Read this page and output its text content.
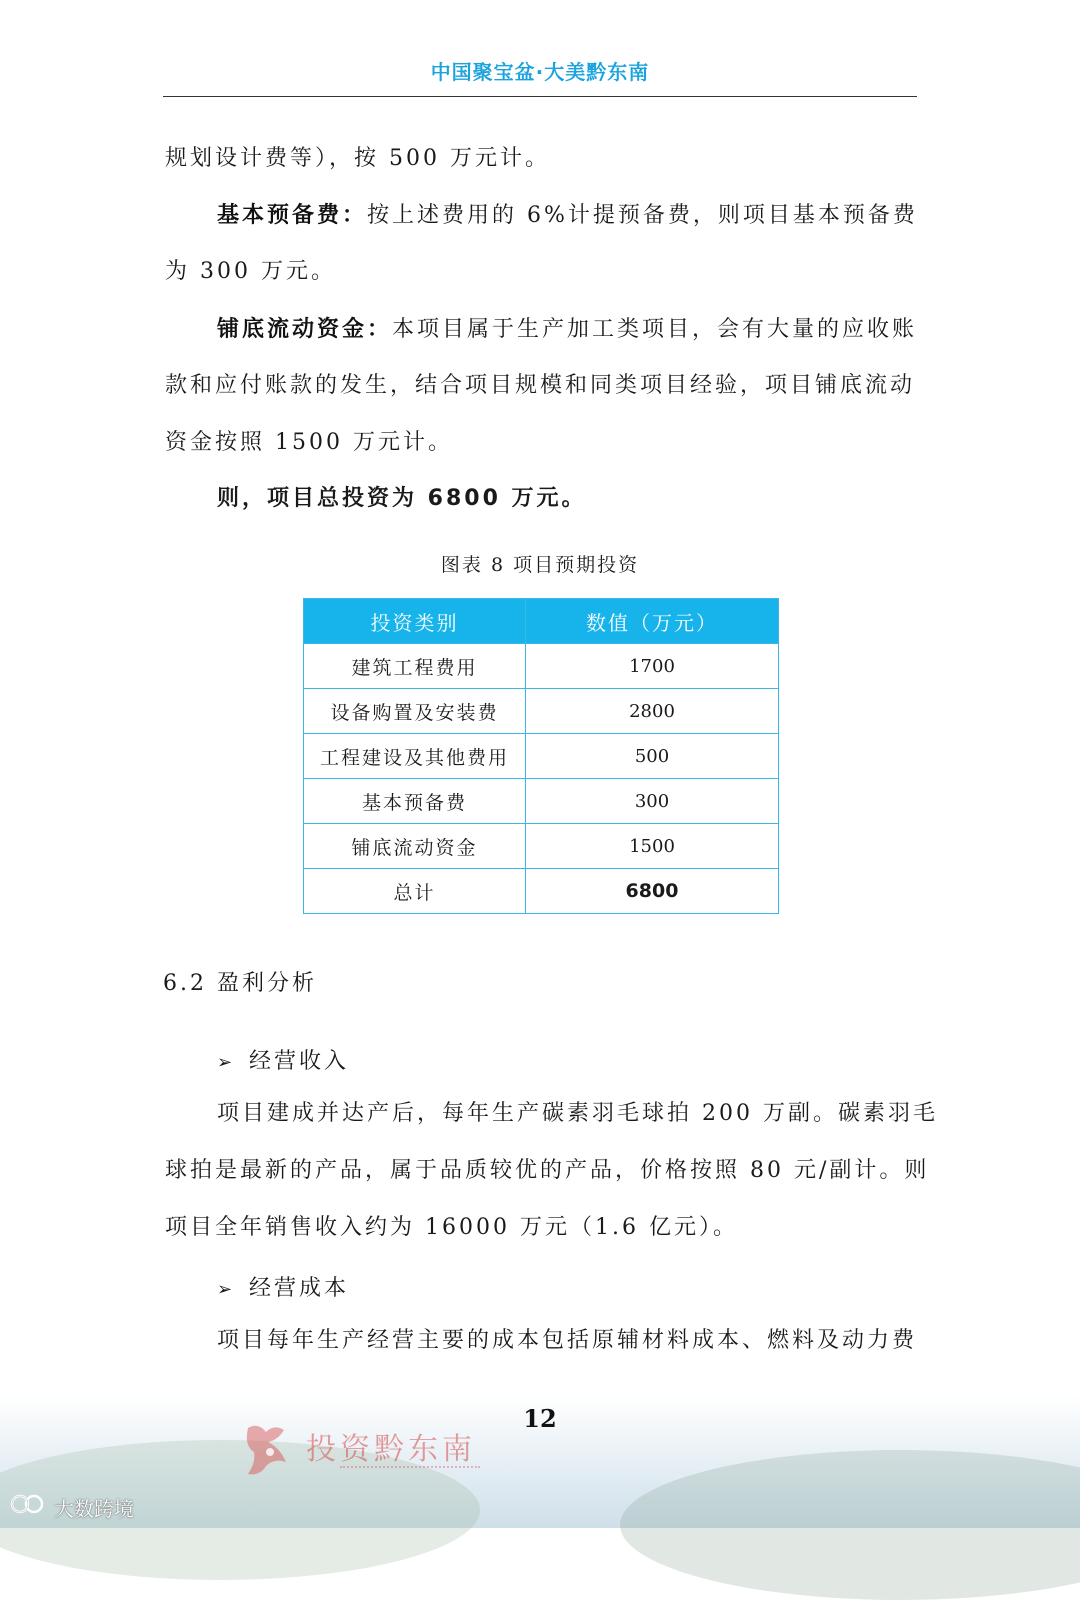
中国聚宝盆·大美黔东南
规划设计费等），按 500 万元计。
基本预备费：按上述费用的 6%计提预备费，则项目基本预备费
为 300 万元。
铺底流动资金：本项目属于生产加工类项目，会有大量的应收账
款和应付账款的发生，结合项目规模和同类项目经验，项目铺底流动
资金按照 1500 万元计。
则，项目总投资为 6800 万元。
图表 8 项目预期投资
投资类别	数值（万元）
建筑工程费用	1700
设备购置及安装费	2800
工程建设及其他费用	500
基本预备费	300
铺底流动资金	1500
总计	6800
6.2 盈利分析
➢ 经营收入
项目建成并达产后，每年生产碳素羽毛球拍 200 万副。碳素羽毛
球拍是最新的产品，属于品质较优的产品，价格按照 80 元/副计。则
项目全年销售收入约为 16000 万元（1.6 亿元）。
➢ 经营成本
项目每年生产经营主要的成本包括原辅材料成本、燃料及动力费
12
投资黔东南
大数跨境
